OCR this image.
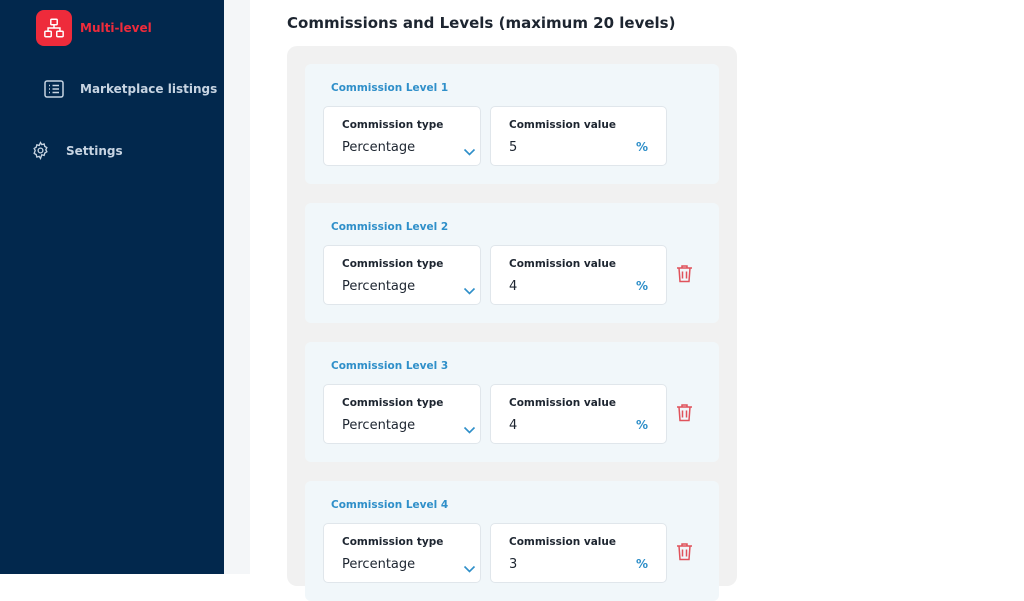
Multi-level
Marketplace listings
Settings
Commissions and Levels (maximum 20 levels)
Commission Level 1
Commission type
Percentage
Commission value
5	%
Commission Level 2
Commission type
Percentage
Commission value
4	%
Commission Level 3
Commission type
Percentage
Commission value
4	%
Commission Level 4
Commission type
Percentage
Commission value
3	%
